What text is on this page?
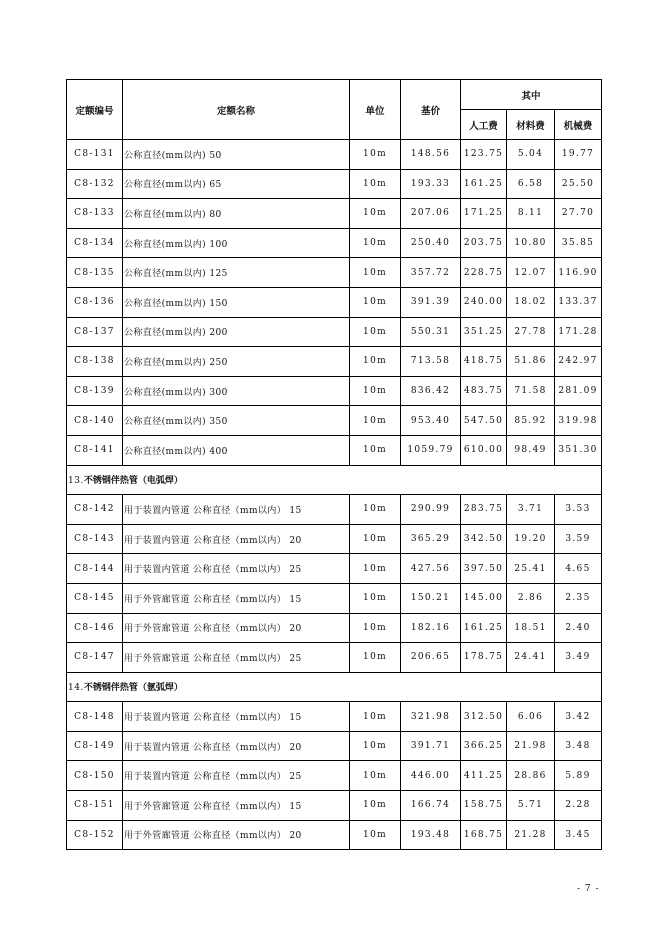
定额编号	定额名称	单位	基价	其中		
				人工费	材料费	机械费
C8-131	公称直径(mm以内) 50	10m	148.56	123.75	5.04	19.77
C8-132	公称直径(mm以内) 65	10m	193.33	161.25	6.58	25.50
C8-133	公称直径(mm以内) 80	10m	207.06	171.25	8.11	27.70
C8-134	公称直径(mm以内) 100	10m	250.40	203.75	10.80	35.85
C8-135	公称直径(mm以内) 125	10m	357.72	228.75	12.07	116.90
C8-136	公称直径(mm以内) 150	10m	391.39	240.00	18.02	133.37
C8-137	公称直径(mm以内) 200	10m	550.31	351.25	27.78	171.28
C8-138	公称直径(mm以内) 250	10m	713.58	418.75	51.86	242.97
C8-139	公称直径(mm以内) 300	10m	836.42	483.75	71.58	281.09
C8-140	公称直径(mm以内) 350	10m	953.40	547.50	85.92	319.98
C8-141	公称直径(mm以内) 400	10m	1059.79	610.00	98.49	351.30
13.不锈钢伴热管（电弧焊）						
C8-142	用于装置内管道 公称直径（mm以内） 15	10m	290.99	283.75	3.71	3.53
C8-143	用于装置内管道 公称直径（mm以内） 20	10m	365.29	342.50	19.20	3.59
C8-144	用于装置内管道 公称直径（mm以内） 25	10m	427.56	397.50	25.41	4.65
C8-145	用于外管廊管道 公称直径（mm以内） 15	10m	150.21	145.00	2.86	2.35
C8-146	用于外管廊管道 公称直径（mm以内） 20	10m	182.16	161.25	18.51	2.40
C8-147	用于外管廊管道 公称直径（mm以内） 25	10m	206.65	178.75	24.41	3.49
14.不锈钢伴热管（氩弧焊）						
C8-148	用于装置内管道 公称直径（mm以内） 15	10m	321.98	312.50	6.06	3.42
C8-149	用于装置内管道 公称直径（mm以内） 20	10m	391.71	366.25	21.98	3.48
C8-150	用于装置内管道 公称直径（mm以内） 25	10m	446.00	411.25	28.86	5.89
C8-151	用于外管廊管道 公称直径（mm以内） 15	10m	166.74	158.75	5.71	2.28
C8-152	用于外管廊管道 公称直径（mm以内） 20	10m	193.48	168.75	21.28	3.45
- 7 -
